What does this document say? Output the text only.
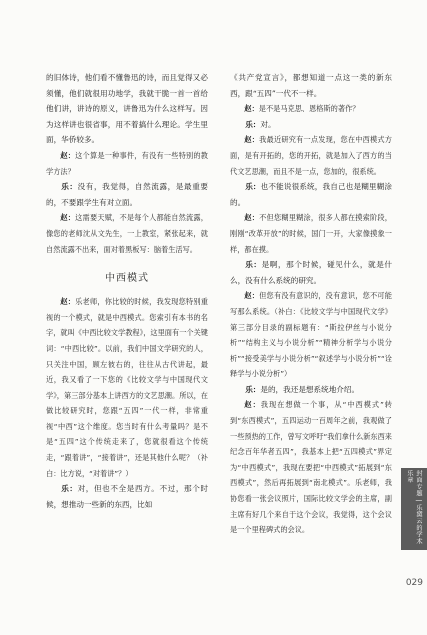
的旧体诗，他们看不懂鲁迅的诗，而且觉得又必须懂，他们就很用功地学，我就干脆一首一首给他们讲，讲诗的原义，讲鲁迅为什么这样写。因为这样讲也很省事，用不着搞什么理论。学生里面，华侨较多。

赵：这个算是一种事件，有没有一些特别的教学方法？

乐：没有，我觉得，自然流露，是最重要的，不要跟学生有对立面。

赵：这需要天赋，不是每个人都能自然流露，像您的老师沈从文先生，一上教室，紧张起来，就自然流露不出来，面对着黑板写：脑着生活写。

中西模式

赵：乐老师，你比较的时候，我发现您特别重视的一个模式，就是中西模式。您索引有本书的名字，就叫《中西比较文学教程》，这里面有一个关键词：“中西比较”。以前，我们中国文学研究的人，只关注中国，顾左彼右的，往往从古代讲起，最近，我又看了一下您的《比较文学与中国现代文学》，第三部分基本上讲西方的文艺思潮。所以，在做比较研究时，您跟“五四”一代一样，非常重视“中西”这个维度。您当时有什么考量吗？是不是“五四”这个传统走来了，您就很看这个传统走，“跟着讲”，“接着讲”，还是其他什么呢？（补白：比方说，“对着讲”？）

乐：对，但也不全是西方。不过，那个时候，想推动一些新的东西，比如

《共产党宣言》，都想知道一点这一类的新东西，跟“五四”一代不一样。

赵：是不是马克思、恩格斯的著作？

乐：对。

赵：我最近研究有一点发现，您在中西模式方面，是有开拓的，您的开拓，就是加入了西方的当代文艺思潮，而且不是一点，您加的，很系统。

乐：也不能说很系统，我自己也是糊里糊涂的。

赵：不但您糊里糊涂，很多人都在摸索阶段，刚刚“改革开放”的时候，国门一开，大家像摸象一样，都在摸。

乐：是啊，那个时候，碰见什么，就是什么，没有什么系统的研究。

赵：但您有没有意识的，没有意识，您不可能写那么系统。（补白：《比较文学与中国现代文学》第三部分目录的副标题有：“斯拉伊丝与小说分析”“结构主义与小说分析”“精神分析学与小说分析”“接受美学与小说分析”“叙述学与小说分析”“诠释学与小说分析”）

乐：是的，我还是想系统地介绍。

赵：我现在想做一个事，从“中西模式”转到“东西模式”，五四运动一百周年之前，我观做了一些预热的工作，曾写文呼吁“我们拿什么新东西来纪念百年华者五四”，我基本上把“五四模式”界定为“中西模式”，我现在要把“中西模式”拓展到“东西模式”，然后再拓展到“南北模式”。乐老师，我协您看一张会议照片，国际比较文学会的主席，副主席有好几个来自于这个会议，我觉得，这个会议是一个里程碑式的会议。	封面专题 | 乐黛云的学术乐章
029
